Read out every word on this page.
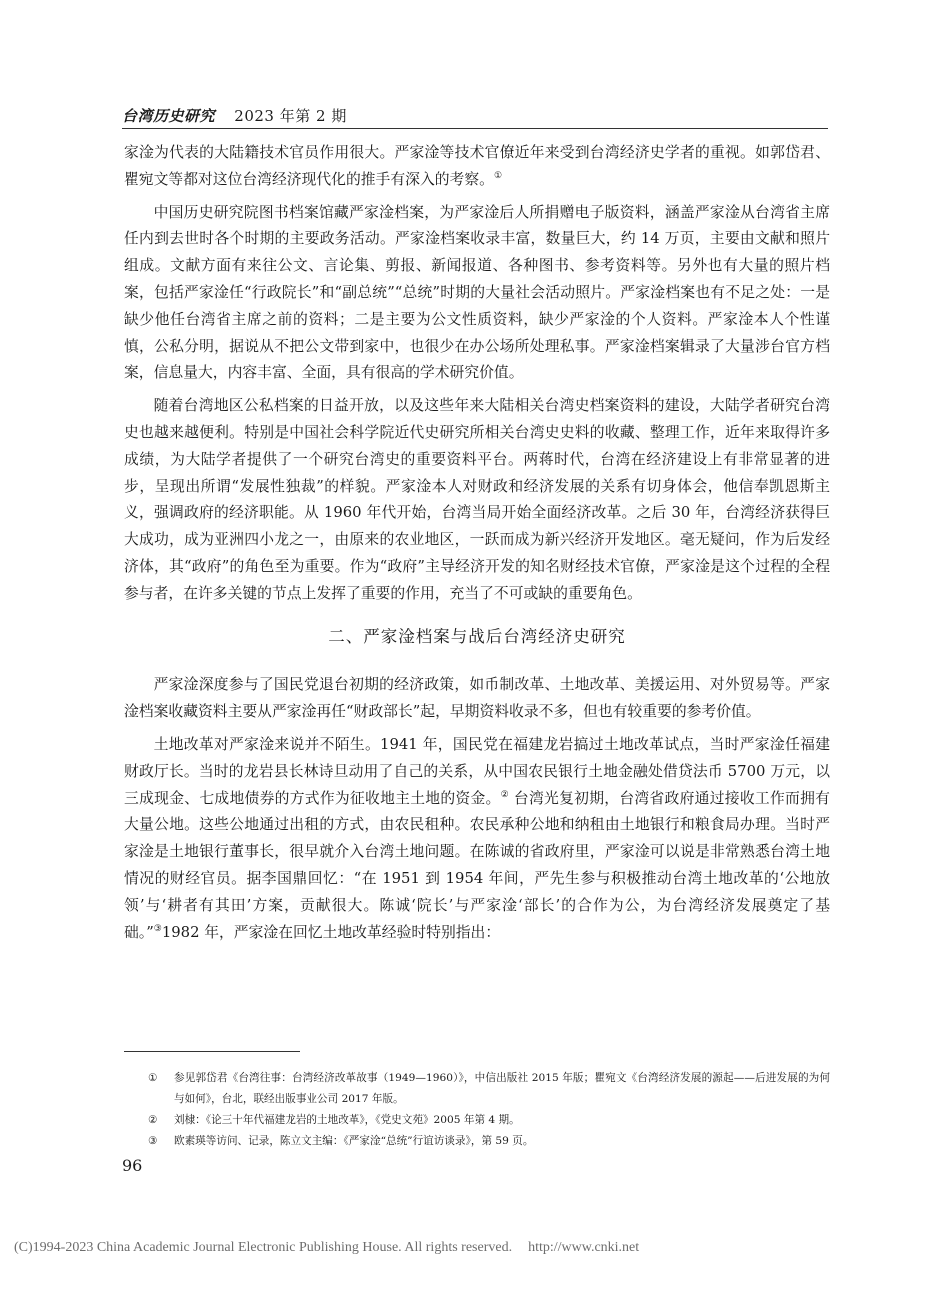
台湾历史研究 2023 年第 2 期

家淦为代表的大陆籍技术官员作用很大。严家淦等技术官僚近年来受到台湾经济史学者的重视。如郭岱君、瞿宛文等都对这位台湾经济现代化的推手有深入的考察。①

中国历史研究院图书档案馆藏严家淦档案，为严家淦后人所捐赠电子版资料，涵盖严家淦从台湾省主席任内到去世时各个时期的主要政务活动。严家淦档案收录丰富，数量巨大，约 14 万页，主要由文献和照片组成。文献方面有来往公文、言论集、剪报、新闻报道、各种图书、参考资料等。另外也有大量的照片档案，包括严家淦任“行政院长”和“副总统”“总统”时期的大量社会活动照片。严家淦档案也有不足之处：一是缺少他任台湾省主席之前的资料；二是主要为公文性质资料，缺少严家淦的个人资料。严家淦本人个性谨慎，公私分明，据说从不把公文带到家中，也很少在办公场所处理私事。严家淦档案辑录了大量涉台官方档案，信息量大，内容丰富、全面，具有很高的学术研究价值。

随着台湾地区公私档案的日益开放，以及这些年来大陆相关台湾史档案资料的建设，大陆学者研究台湾史也越来越便利。特别是中国社会科学院近代史研究所相关台湾史史料的收藏、整理工作，近年来取得许多成绩，为大陆学者提供了一个研究台湾史的重要资料平台。两蒋时代，台湾在经济建设上有非常显著的进步，呈现出所谓“发展性独裁”的样貌。严家淦本人对财政和经济发展的关系有切身体会，他信奉凯恩斯主义，强调政府的经济职能。从 1960 年代开始，台湾当局开始全面经济改革。之后 30 年，台湾经济获得巨大成功，成为亚洲四小龙之一，由原来的农业地区，一跃而成为新兴经济开发地区。毫无疑问，作为后发经济体，其“政府”的角色至为重要。作为“政府”主导经济开发的知名财经技术官僚，严家淦是这个过程的全程参与者，在许多关键的节点上发挥了重要的作用，充当了不可或缺的重要角色。

二、严家淦档案与战后台湾经济史研究

严家淦深度参与了国民党退台初期的经济政策，如币制改革、土地改革、美援运用、对外贸易等。严家淦档案收藏资料主要从严家淦再任“财政部长”起，早期资料收录不多，但也有较重要的参考价值。

土地改革对严家淦来说并不陌生。1941 年，国民党在福建龙岩搞过土地改革试点，当时严家淦任福建财政厅长。当时的龙岩县长林诗旦动用了自己的关系，从中国农民银行土地金融处借贷法币 5700 万元，以三成现金、七成地债券的方式作为征收地主土地的资金。② 台湾光复初期，台湾省政府通过接收工作而拥有大量公地。这些公地通过出租的方式，由农民租种。农民承种公地和纳租由土地银行和粮食局办理。当时严家淦是土地银行董事长，很早就介入台湾土地问题。在陈诚的省政府里，严家淦可以说是非常熟悉台湾土地情况的财经官员。据李国鼎回忆：“在 1951 到 1954 年间，严先生参与积极推动台湾土地改革的‘公地放领’与‘耕者有其田’方案，贡献很大。陈诚‘院长’与严家淦‘部长’的合作为公，为台湾经济发展奠定了基础。”③1982 年，严家淦在回忆土地改革经验时特别指出：

①	参见郭岱君《台湾往事：台湾经济改革故事（1949—1960）》，中信出版社 2015 年版；瞿宛文《台湾经济发展的源起——后进发展的为何与如何》，台北，联经出版事业公司 2017 年版。
②	刘棣：《论三十年代福建龙岩的土地改革》，《党史文苑》2005 年第 4 期。
③	欧素瑛等访问、记录，陈立文主编：《严家淦“总统”行谊访谈录》，第 59 页。
96
(C)1994-2023 China Academic Journal Electronic Publishing House. All rights reserved. http://www.cnki.net
